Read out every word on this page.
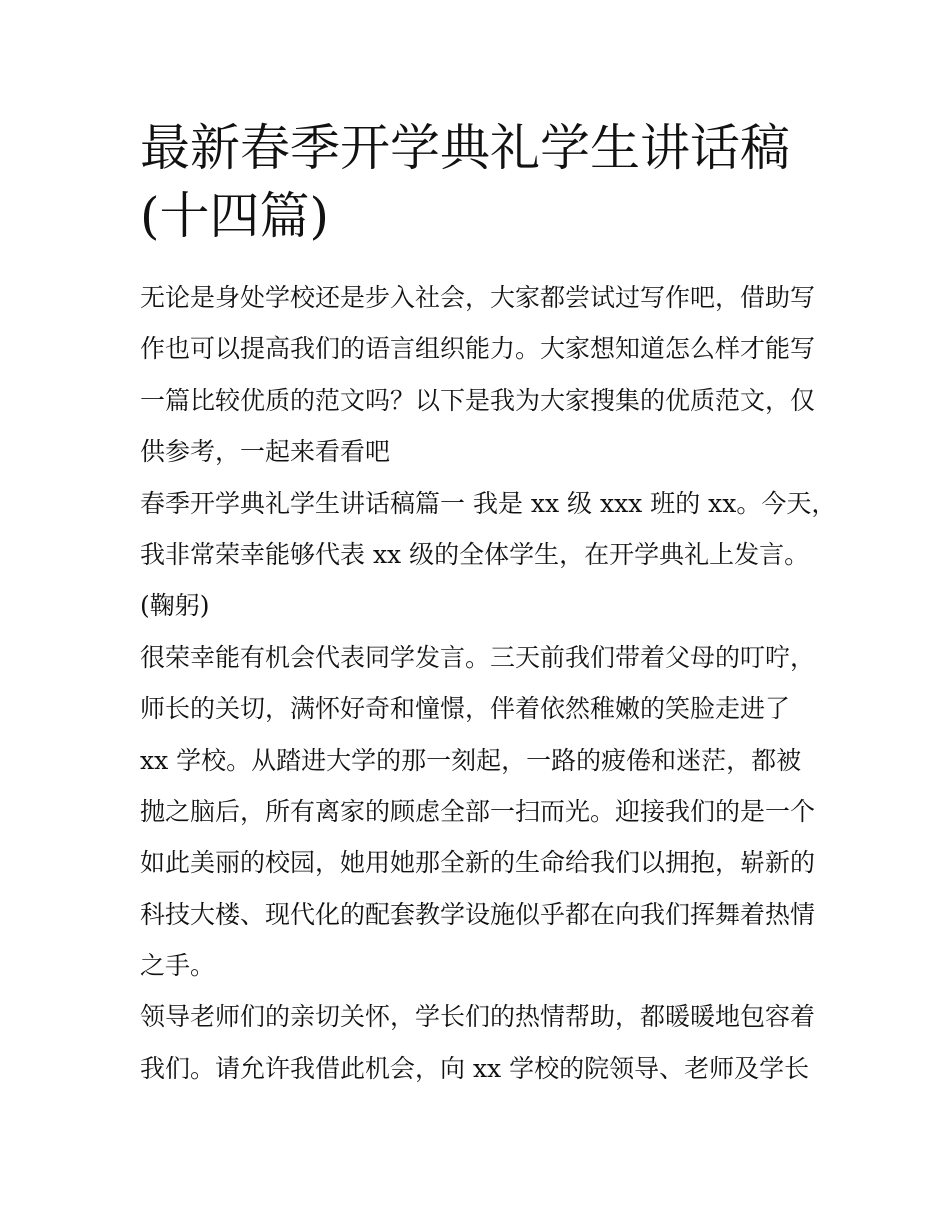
最新春季开学典礼学生讲话稿
(十四篇)
无论是身处学校还是步入社会，大家都尝试过写作吧，借助写
作也可以提高我们的语言组织能力。大家想知道怎么样才能写
一篇比较优质的范文吗？以下是我为大家搜集的优质范文，仅
供参考，一起来看看吧
春季开学典礼学生讲话稿篇一 我是 xx 级 xxx 班的 xx。今天，
我非常荣幸能够代表 xx 级的全体学生，在开学典礼上发言。
(鞠躬)
很荣幸能有机会代表同学发言。三天前我们带着父母的叮咛，
师长的关切，满怀好奇和憧憬，伴着依然稚嫩的笑脸走进了
xx 学校。从踏进大学的那一刻起，一路的疲倦和迷茫，都被
抛之脑后，所有离家的顾虑全部一扫而光。迎接我们的是一个
如此美丽的校园，她用她那全新的生命给我们以拥抱，崭新的
科技大楼、现代化的配套教学设施似乎都在向我们挥舞着热情
之手。
领导老师们的亲切关怀，学长们的热情帮助，都暖暖地包容着
我们。请允许我借此机会，向 xx 学校的院领导、老师及学长
